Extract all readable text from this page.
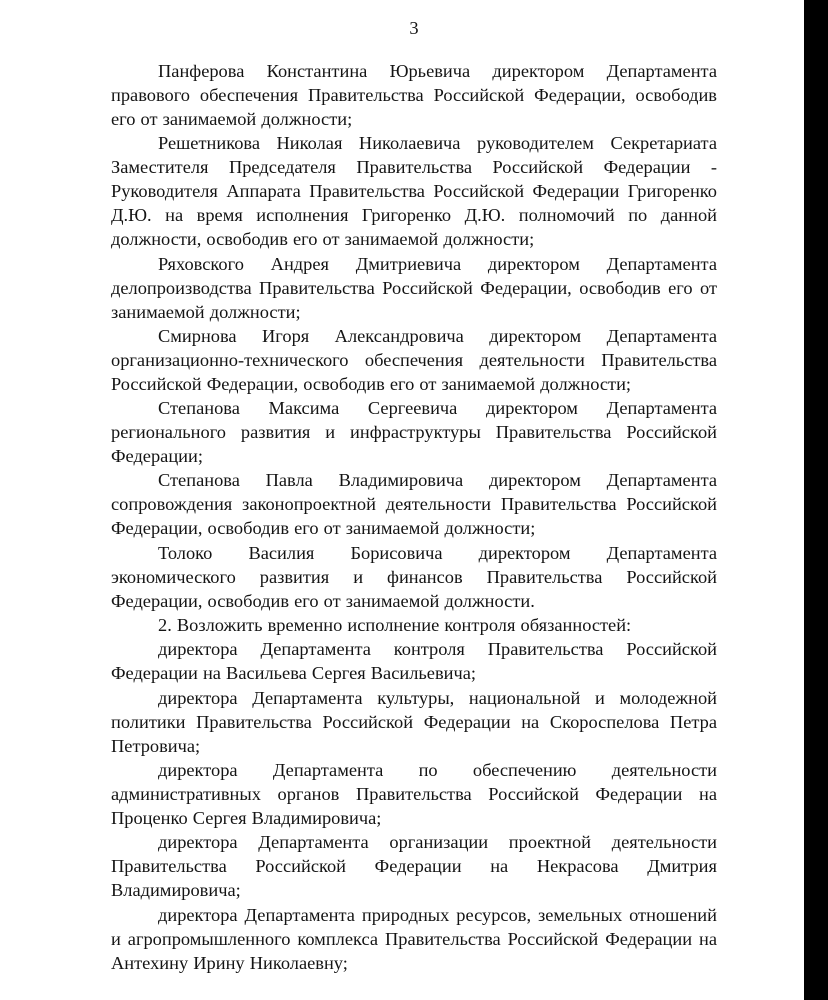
3

Панферова Константина Юрьевича директором Департамента правового обеспечения Правительства Российской Федерации, освободив его от занимаемой должности;

Решетникова Николая Николаевича руководителем Секретариата Заместителя Председателя Правительства Российской Федерации - Руководителя Аппарата Правительства Российской Федерации Григоренко Д.Ю. на время исполнения Григоренко Д.Ю. полномочий по данной должности, освободив его от занимаемой должности;

Ряховского Андрея Дмитриевича директором Департамента делопроизводства Правительства Российской Федерации, освободив его от занимаемой должности;

Смирнова Игоря Александровича директором Департамента организационно-технического обеспечения деятельности Правительства Российской Федерации, освободив его от занимаемой должности;

Степанова Максима Сергеевича директором Департамента регионального развития и инфраструктуры Правительства Российской Федерации;

Степанова Павла Владимировича директором Департамента сопровождения законопроектной деятельности Правительства Российской Федерации, освободив его от занимаемой должности;

Толоко Василия Борисовича директором Департамента экономического развития и финансов Правительства Российской Федерации, освободив его от занимаемой должности.

2. Возложить временно исполнение контроля обязанностей:

директора Департамента контроля Правительства Российской Федерации на Васильева Сергея Васильевича;

директора Департамента культуры, национальной и молодежной политики Правительства Российской Федерации на Скороспелова Петра Петровича;

директора Департамента по обеспечению деятельности административных органов Правительства Российской Федерации на Проценко Сергея Владимировича;

директора Департамента организации проектной деятельности Правительства Российской Федерации на Некрасова Дмитрия Владимировича;

директора Департамента природных ресурсов, земельных отношений и агропромышленного комплекса Правительства Российской Федерации на Антехину Ирину Николаевну;
